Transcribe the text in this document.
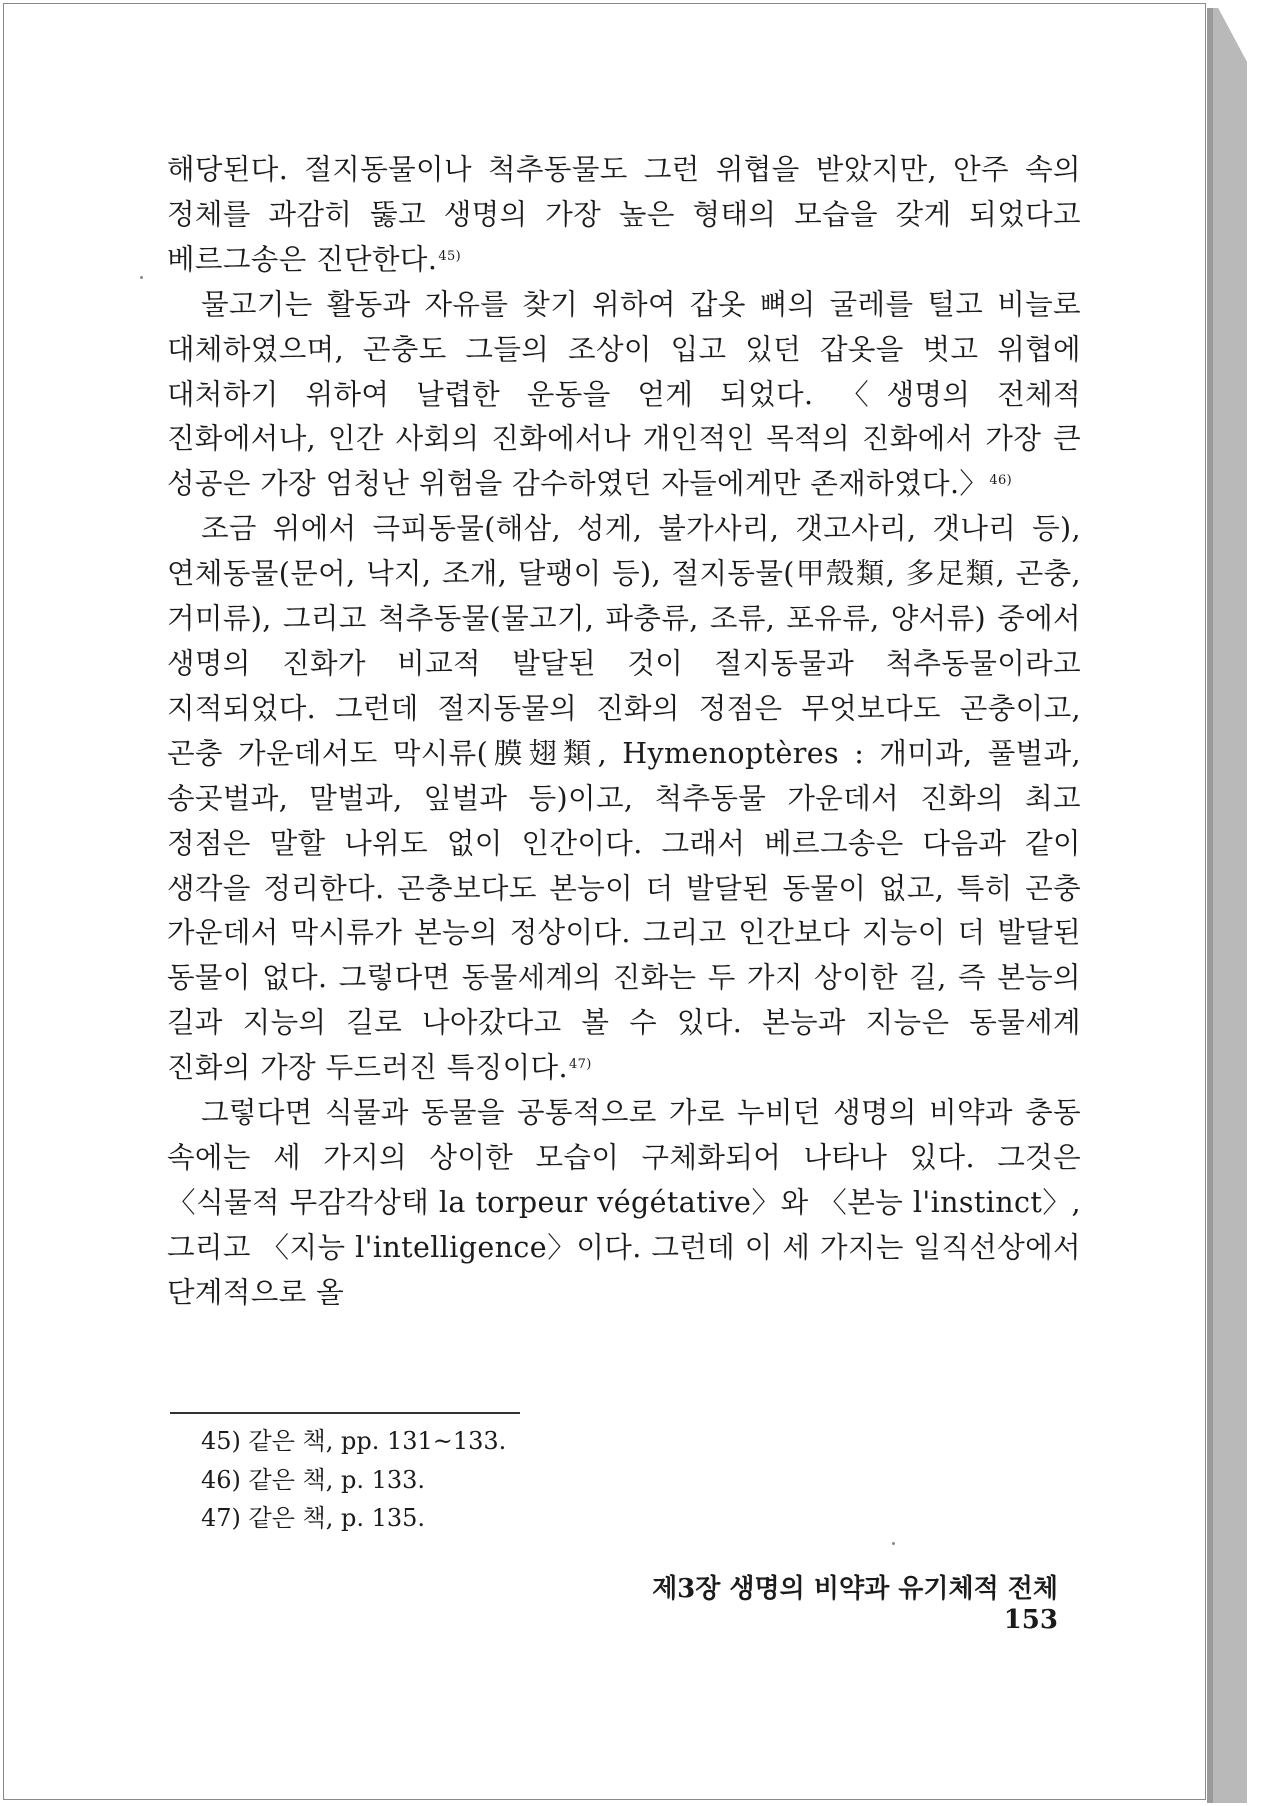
해당된다. 절지동물이나 척추동물도 그런 위협을 받았지만, 안주 속의 정체를 과감히 뚫고 생명의 가장 높은 형태의 모습을 갖게 되었다고 베르그송은 진단한다.$^{45)}$

물고기는 활동과 자유를 찾기 위하여 갑옷 뼈의 굴레를 털고 비늘로 대체하였으며, 곤충도 그들의 조상이 입고 있던 갑옷을 벗고 위협에 대처하기 위하여 날렵한 운동을 얻게 되었다. 〈생명의 전체적 진화에서나, 인간 사회의 진화에서나 개인적인 목적의 진화에서 가장 큰 성공은 가장 엄청난 위험을 감수하였던 자들에게만 존재하였다.〉$^{46)}$

조금 위에서 극피동물(해삼, 성게, 불가사리, 갯고사리, 갯나리 등), 연체동물(문어, 낙지, 조개, 달팽이 등), 절지동물(甲殼類, 多足類, 곤충, 거미류), 그리고 척추동물(물고기, 파충류, 조류, 포유류, 양서류) 중에서 생명의 진화가 비교적 발달된 것이 절지동물과 척추동물이라고 지적되었다. 그런데 절지동물의 진화의 정점은 무엇보다도 곤충이고, 곤충 가운데서도 막시류(膜翅類, Hymenoptères : 개미과, 풀벌과, 송곳벌과, 말벌과, 잎벌과 등)이고, 척추동물 가운데서 진화의 최고 정점은 말할 나위도 없이 인간이다. 그래서 베르그송은 다음과 같이 생각을 정리한다. 곤충보다도 본능이 더 발달된 동물이 없고, 특히 곤충 가운데서 막시류가 본능의 정상이다. 그리고 인간보다 지능이 더 발달된 동물이 없다. 그렇다면 동물세계의 진화는 두 가지 상이한 길, 즉 본능의 길과 지능의 길로 나아갔다고 볼 수 있다. 본능과 지능은 동물세계 진화의 가장 두드러진 특징이다.$^{47)}$

그렇다면 식물과 동물을 공통적으로 가로 누비던 생명의 비약과 충동 속에는 세 가지의 상이한 모습이 구체화되어 나타나 있다. 그것은 〈식물적 무감각상태 la torpeur végétative〉와 〈본능 l'instinct〉, 그리고 〈지능 l'intelligence〉이다. 그런데 이 세 가지는 일직선상에서 단계적으로 올

45) 같은 책, pp. 131~133.
46) 같은 책, p. 133.
47) 같은 책, p. 135.
제3장 생명의 비약과 유기체적 전체153
